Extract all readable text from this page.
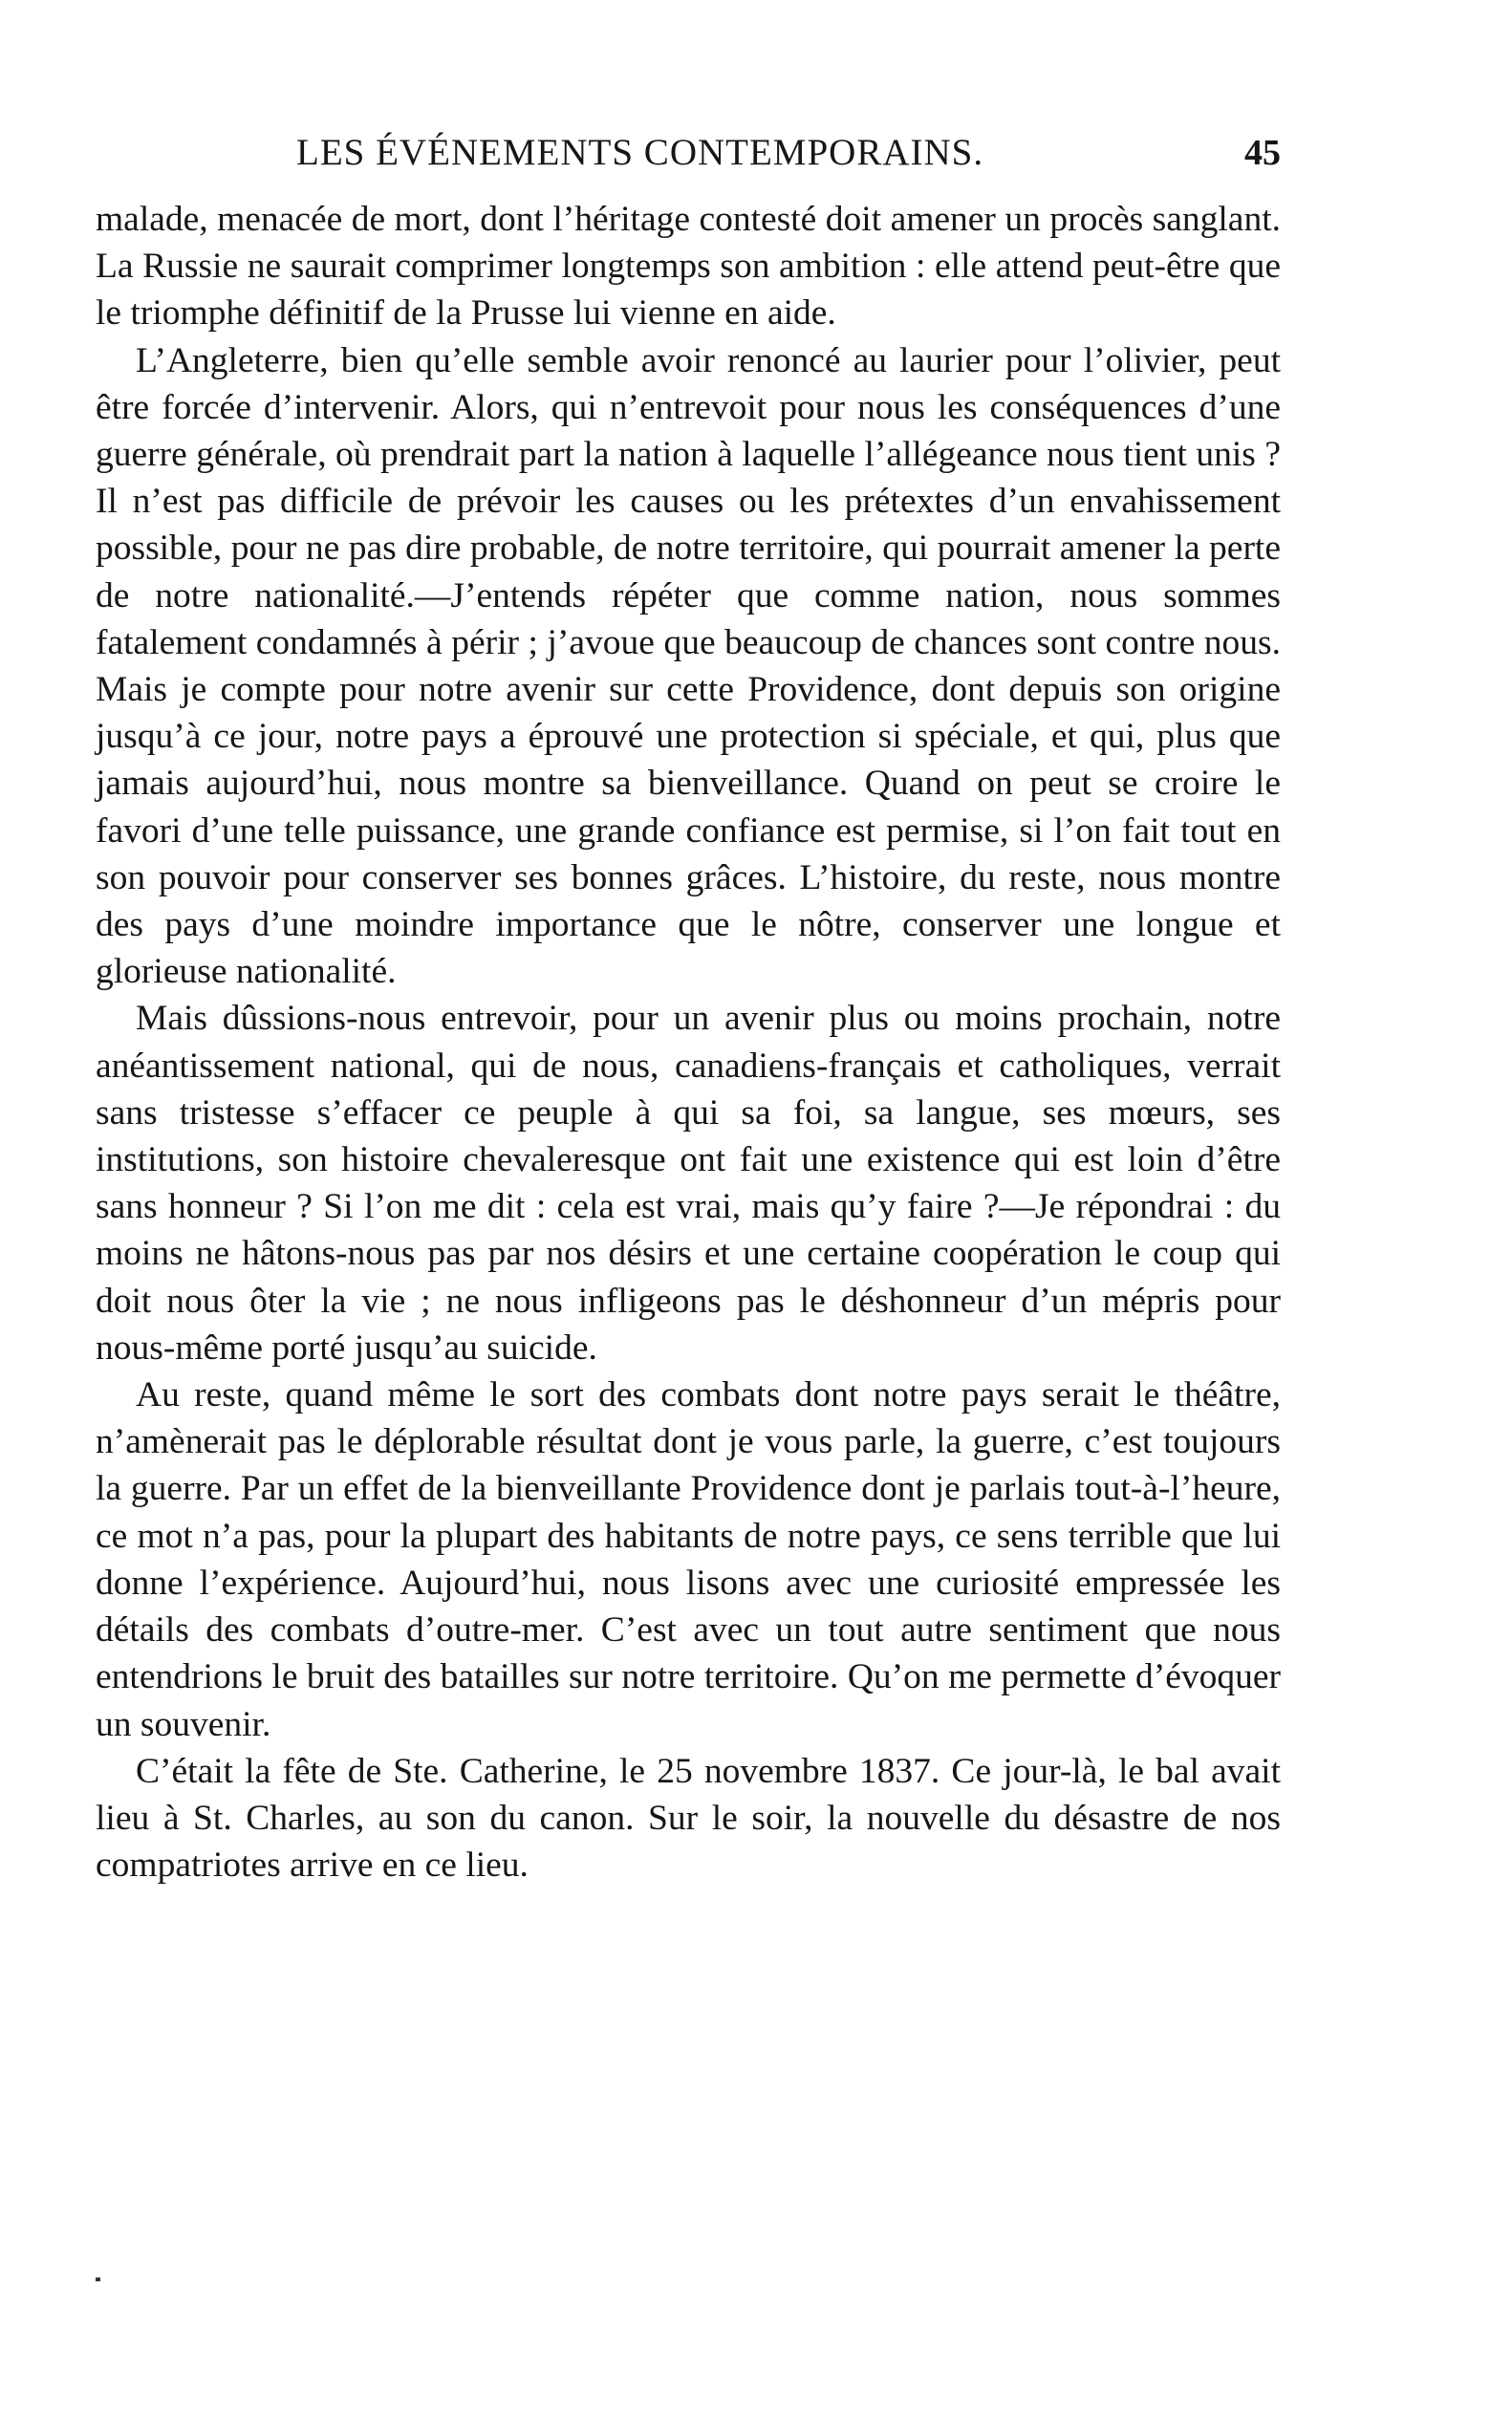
LES ÉVÉNEMENTS CONTEMPORAINS.	45

malade, menacée de mort, dont l’héritage contesté doit amener un procès sanglant. La Russie ne saurait comprimer longtemps son ambition : elle attend peut-être que le triomphe définitif de la Prusse lui vienne en aide.

L’Angleterre, bien qu’elle semble avoir renoncé au laurier pour l’olivier, peut être forcée d’intervenir. Alors, qui n’entrevoit pour nous les conséquences d’une guerre générale, où prendrait part la nation à laquelle l’allégeance nous tient unis ? Il n’est pas difficile de prévoir les causes ou les prétextes d’un envahissement possible, pour ne pas dire probable, de notre territoire, qui pourrait amener la perte de notre nationalité.—J’entends répéter que comme nation, nous sommes fatalement condamnés à périr ; j’avoue que beaucoup de chances sont contre nous. Mais je compte pour notre avenir sur cette Providence, dont depuis son origine jusqu’à ce jour, notre pays a éprouvé une protection si spéciale, et qui, plus que jamais aujourd’hui, nous montre sa bienveillance. Quand on peut se croire le favori d’une telle puissance, une grande confiance est permise, si l’on fait tout en son pouvoir pour conserver ses bonnes grâces. L’histoire, du reste, nous montre des pays d’une moindre importance que le nôtre, conserver une longue et glorieuse nationalité.

Mais dûssions-nous entrevoir, pour un avenir plus ou moins prochain, notre anéantissement national, qui de nous, canadiens-français et catholiques, verrait sans tristesse s’effacer ce peuple à qui sa foi, sa langue, ses mœurs, ses institutions, son histoire chevaleresque ont fait une existence qui est loin d’être sans honneur ? Si l’on me dit : cela est vrai, mais qu’y faire ?—Je répondrai : du moins ne hâtons-nous pas par nos désirs et une certaine coopération le coup qui doit nous ôter la vie ; ne nous infligeons pas le déshonneur d’un mépris pour nous-même porté jusqu’au suicide.

Au reste, quand même le sort des combats dont notre pays serait le théâtre, n’amènerait pas le déplorable résultat dont je vous parle, la guerre, c’est toujours la guerre. Par un effet de la bienveillante Providence dont je parlais tout-à-l’heure, ce mot n’a pas, pour la plupart des habitants de notre pays, ce sens terrible que lui donne l’expérience. Aujourd’hui, nous lisons avec une curiosité empressée les détails des combats d’outre-mer. C’est avec un tout autre sentiment que nous entendrions le bruit des batailles sur notre territoire. Qu’on me permette d’évoquer un souvenir.

C’était la fête de Ste. Catherine, le 25 novembre 1837. Ce jour-là, le bal avait lieu à St. Charles, au son du canon. Sur le soir, la nouvelle du désastre de nos compatriotes arrive en ce lieu.
